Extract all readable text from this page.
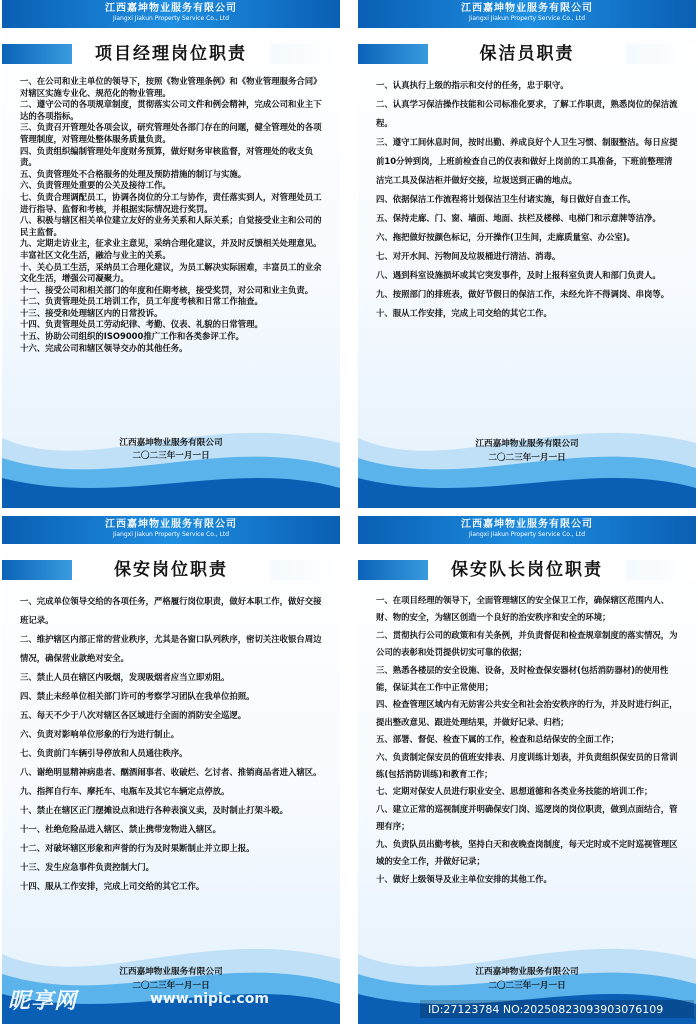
江西嘉坤物业服务有限公司
Jiangxi Jiakun Property Service Co., Ltd
项目经理岗位职责
一、在公司和业主单位的领导下，按照《物业管理条例》和《物业管理服务合同》对辖区实施专业化、规范化的物业管理。
二、遵守公司的各项规章制度，贯彻落实公司文件和例会精神，完成公司和业主下达的各项指标。
三、负责召开管理处各项会议，研究管理处各部门存在的问题，健全管理处的各项管理制度，对管理处整体服务质量负责。
四、负责组织编制管理处年度财务预算，做好财务审核监督，对管理处的收支负责。
五、负责管理处不合格服务的处理及预防措施的制订与实施。
六、负责管理处重要的公关及接待工作。
七、负责合理调配员工，协调各岗位的分工与协作，责任落实到人，对管理处员工进行指导、监督和考核，并根据实际情况进行奖罚。
八、积极与辖区相关单位建立友好的业务关系和人际关系；自觉接受业主和公司的民主监督。
九、定期走访业主，征求业主意见，采纳合理化建议，并及时反馈相关处理意见。丰富社区文化生活，融洽与业主的关系。
十、关心员工生活，采纳员工合理化建议，为员工解决实际困难，丰富员工的业余文化生活，增强公司凝聚力。
十一、接受公司和相关部门的年度和任期考核，接受奖罚，对公司和业主负责。
十二、负责管理处员工培训工作，员工年度考核和日常工作抽查。
十三、接受和处理辖区内的日常投诉。
十四、负责管理处员工劳动纪律、考勤、仪表、礼貌的日常管理。
十五、协助公司组织的ISO9000推广工作和各类参评工作。
十六、完成公司和辖区领导交办的其他任务。
江西嘉坤物业服务有限公司
二〇二三年一月一日
江西嘉坤物业服务有限公司
Jiangxi Jiakun Property Service Co., Ltd
保洁员职责
一、认真执行上级的指示和交付的任务，忠于职守。
二、认真学习保洁操作技能和公司标准化要求，了解工作职责，熟悉岗位的保洁流程。
三、遵守工间休息时间，按时出勤、养成良好个人卫生习惯、制服整洁。每日应提前10分钟到岗，上班前检查自己的仪表和做好上岗前的工具准备，下班前整理清洁完工具及保洁柜并做好交接，垃圾送到正确的地点。
四、依据保洁工作流程将计划保洁卫生付诸实施，每日做好自查工作。
五、保持走廊、门、窗、墙面、地面、扶栏及楼梯、电梯门和示意牌等洁净。
六、拖把做好按颜色标记，分开操作(卫生间，走廊质量室、办公室)。
七、对开水间、污物间及垃圾桶进行清洁、消毒。
八、遇到科室设施损坏或其它突发事件，及时上报科室负责人和部门负责人。
九、按照部门的排班表，做好节假日的保洁工作，未经允许不得调岗、串岗等。
十、服从工作安排，完成上司交给的其它工作。
江西嘉坤物业服务有限公司
二〇二三年一月一日
江西嘉坤物业服务有限公司
Jiangxi Jiakun Property Service Co., Ltd
保安岗位职责
一、完成单位领导交给的各项任务，严格履行岗位职责，做好本职工作，做好交接班记录。
二、维护辖区内部正常的营业秩序，尤其是各窗口队列秩序，密切关注收银台周边情况，确保营业款绝对安全。
三、禁止人员在辖区内吸烟，发现吸烟者应当立即劝阻。
四、禁止未经单位相关部门许可的考察学习团队在我单位拍照。
五、每天不少于八次对辖区各区域进行全面的消防安全巡逻。
六、负责对影响单位形象的行为进行制止。
七、负责前门车辆引导停放和人员通往秩序。
八、谢绝明显精神病患者、酗酒闹事者、收破烂、乞讨者、推销商品者进入辖区。
九、指挥自行车、摩托车、电瓶车及其它车辆定点停放。
十、禁止在辖区正门摆摊设点和进行各种表演义卖，及时制止打架斗殴。
十一、杜绝危险品进入辖区、禁止携带宠物进入辖区。
十二、对破坏辖区形象和声誉的行为及时果断制止并立即上报。
十三、发生应急事件负责控制大门。
十四、服从工作安排，完成上司交给的其它工作。
江西嘉坤物业服务有限公司
二〇二三年一月一日
江西嘉坤物业服务有限公司
Jiangxi Jiakun Property Service Co., Ltd
保安队长岗位职责
一、在项目经理的领导下，全面管理辖区的安全保卫工作，确保辖区范围内人、财、物的安全，为辖区创造一个良好的治安秩序和安全的环境；
二、贯彻执行公司的政策和有关条例，并负责督促和检查规章制度的落实情况，为公司的表彰和处罚提供切实可靠的依据；
三、熟悉各楼层的安全设施、设备，及时检查保安器材(包括消防器材)的使用性能，保证其在工作中正常使用；
四、检查管理区域内有无妨害公共安全和社会治安秩序的行为，并及时进行纠正，提出整改意见、跟进处理结果，并做好记录、归档；
五、部署、督促、检查下属的工作，检查和总结保安的全面工作；
六、负责制定保安员的值班安排表、月度训练计划表，并负责组织保安员的日常训练(包括消防训练)和教育工作；
七、定期对保安人员进行职业安全、思想道德和各类业务技能的培训工作；
八、建立正常的巡视制度并明确保安门岗、巡逻岗的岗位职责，做到点面结合，管理有序；
九、负责队员出勤考核，坚持白天和夜晚查岗制度，每天定时或不定时巡视管理区域的安全工作，并做好记录；
十、做好上级领导及业主单位安排的其他工作。
江西嘉坤物业服务有限公司
二〇二三年一月一日
昵享网	www.nipic.com
ID:27123784 NO:20250823093903076109
